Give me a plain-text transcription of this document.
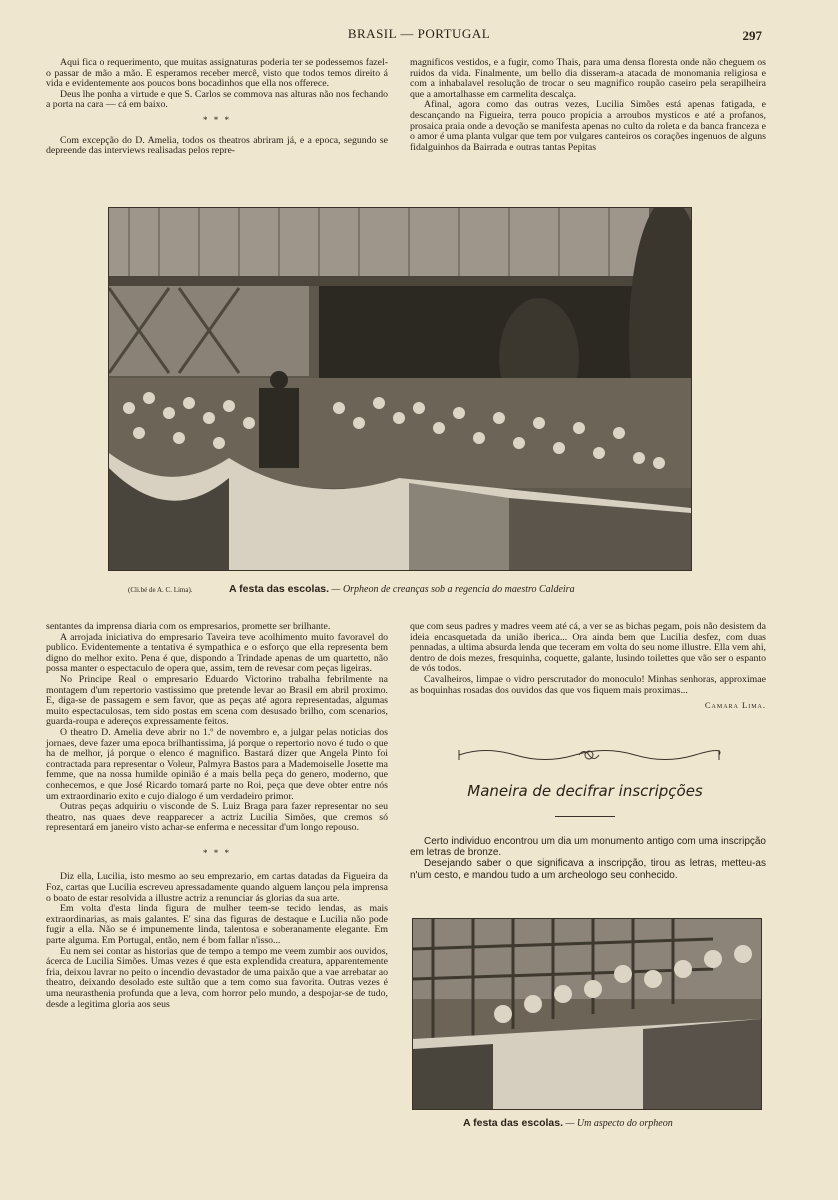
BRASIL — PORTUGAL	297

Aqui fica o requerimento, que muitas assignaturas poderia ter se podessemos fazel-o passar de mão a mão. E esperamos receber mercê, visto que todos temos direito á vida e evidentemente aos poucos bons bocadinhos que ella nos offerece.

Deus lhe ponha a virtude e que S. Carlos se commova nas alturas não nos fechando a porta na cara — cá em baixo.

* * *

Com excepção do D. Amelia, todos os theatros abriram já, e a epoca, segundo se depreende das interviews realisadas pelos repre-

magnificos vestidos, e a fugir, como Thais, para uma densa floresta onde não cheguem os ruidos da vida. Finalmente, um bello dia disseram-a atacada de monomania religiosa e com a inhabalavel resolução de trocar o seu magnifico roupão caseiro pela serapilheira que a amortalhasse em carmelita descalça.

Afinal, agora como das outras vezes, Lucilia Simões está apenas fatigada, e descançando na Figueira, terra pouco propicia a arroubos mysticos e até a profanos, prosaica praia onde a devoção se manifesta apenas no culto da roleta e da banca franceza e o amor é uma planta vulgar que tem por vulgares canteiros os corações ingenuos de alguns fidalguinhos da Bairrada e outras tantas Pepitas

(Cli.bé de A. C. Lima).	A festa das escolas. — Orpheon de creanças sob a regencia do maestro Caldeira

sentantes da imprensa diaria com os empresarios, promette ser brilhante.

A arrojada iniciativa do empresario Taveira teve acolhimento muito favoravel do publico. Evidentemente a tentativa é sympathica e o esforço que ella representa bem digno do melhor exito. Pena é que, dispondo a Trindade apenas de um quartetto, não possa manter o espectaculo de opera que, assim, tem de revesar com peças ligeiras.

No Principe Real o empresario Eduardo Victorino trabalha febrilmente na montagem d'um repertorio vastissimo que pretende levar ao Brasil em abril proximo. E, diga-se de passagem e sem favor, que as peças até agora representadas, algumas muito espectaculosas, tem sido postas em scena com desusado brilho, com scenarios, guarda-roupa e adereços expressamente feitos.

O theatro D. Amelia deve abrir no 1.º de novembro e, a julgar pelas noticias dos jornaes, deve fazer uma epoca brilhantissima, já porque o repertorio novo é tudo o que ha de melhor, já porque o elenco é magnifico. Bastará dizer que Angela Pinto foi contractada para representar o Voleur, Palmyra Bastos para a Mademoiselle Josette ma femme, que na nossa humilde opinião é a mais bella peça do genero, moderno, que conhecemos, e que José Ricardo tomará parte no Roi, peça que deve obter entre nós um extraordinario exito e cujo dialogo é um verdadeiro primor.

Outras peças adquiriu o visconde de S. Luiz Braga para fazer representar no seu theatro, nas quaes deve reapparecer a actriz Lucilia Simões, que cremos só representará em janeiro visto achar-se enferma e necessitar d'um longo repouso.

* * *

Diz ella, Lucilia, isto mesmo ao seu emprezario, em cartas datadas da Figueira da Foz, cartas que Lucilia escreveu apressadamente quando alguem lançou pela imprensa o boato de estar resolvida a illustre actriz a renunciar ás glorias da sua arte.

Em volta d'esta linda figura de mulher teem-se tecido lendas, as mais extraordinarias, as mais galantes. E' sina das figuras de destaque e Lucilia não pode fugir a ella. Não se é impunemente linda, talentosa e soberanamente elegante. Em parte alguma. Em Portugal, então, nem é bom fallar n'isso...

Eu nem sei contar as historias que de tempo a tempo me veem zumbir aos ouvidos, ácerca de Lucilia Simões. Umas vezes é que esta explendida creatura, apparentemente fria, deixou lavrar no peito o incendio devastador de uma paixão que a vae arrebatar ao theatro, deixando desolado este sultão que a tem como sua favorita. Outras vezes é uma neurasthenia profunda que a leva, com horror pelo mundo, a despojar-se de tudo, desde a legitima gloria aos seus

que com seus padres y madres veem até cá, a ver se as bichas pegam, pois não desistem da ideia encasquetada da união iberica... Ora ainda bem que Lucilia desfez, com duas pennadas, a ultima absurda lenda que teceram em volta do seu nome illustre. Ella vem ahi, dentro de dois mezes, fresquinha, coquette, galante, lusindo toilettes que vão ser o espanto de vós todos.

Cavalheiros, limpae o vidro perscrutador do monoculo! Minhas senhoras, approximae as boquinhas rosadas dos ouvidos das que vos fiquem mais proximas...

Camara Lima.
Maneira de decifrar inscripções

Certo individuo encontrou um dia um monumento antigo com uma inscripção em letras de bronze.

Desejando saber o que significava a inscripção, tirou as letras, metteu-as n'um cesto, e mandou tudo a um archeologo seu conhecido.

A festa das escolas. — Um aspecto do orpheon
